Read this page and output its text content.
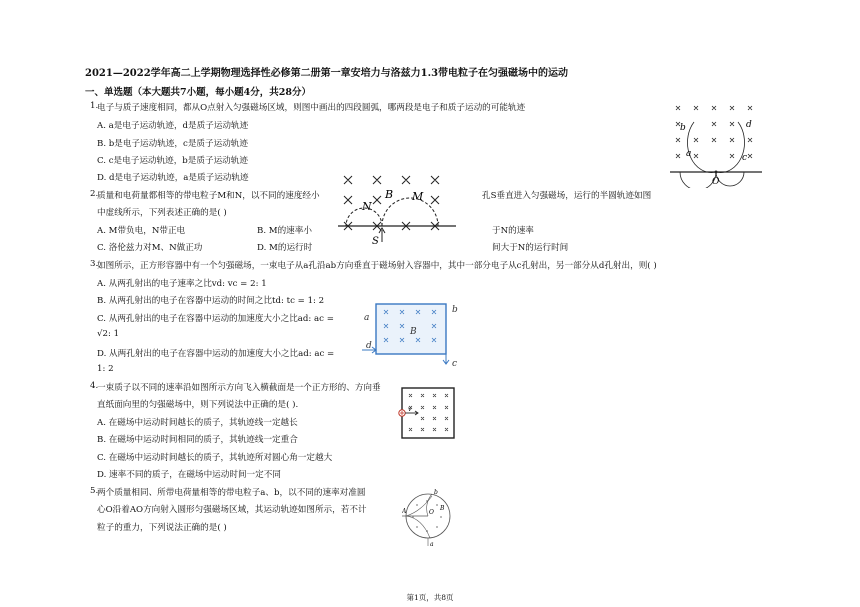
2021—2022学年高二上学期物理选择性必修第二册第一章安培力与洛兹力1.3带电粒子在匀强磁场中的运动
一、单选题（本大题共7小题，每小题4分，共28分）
1.
电子与质子速度相同，都从O点射入匀强磁场区域，则图中画出的四段圆弧，哪两段是电子和质子运动的可能轨迹
A. a是电子运动轨迹，d是质子运动轨迹
B. b是电子运动轨迹，c是质子运动轨迹
C. c是电子运动轨迹，b是质子运动轨迹
D. d是电子运动轨迹，a是质子运动轨迹
b
a
d
c
O
2.
质量和电荷量都相等的带电粒子M和N，以不同的速度经小	孔S垂直进入匀强磁场，运行的半圆轨迹如图
中虚线所示，下列表述正确的是( )
A. M带负电，N带正电	B. M的速率小	于N的速率
C. 洛伦兹力对M、N做正功	D. M的运行时	间大于N的运行时间
N
B M
S
3.
如图所示，正方形容器中有一个匀强磁场，一束电子从a孔沿ab方向垂直于磁场射入容器中，其中一部分电子从c孔射出，另一部分从d孔射出，则( )
A. 从两孔射出的电子速率之比vd: vc = 2: 1
B. 从两孔射出的电子在容器中运动的时间之比td: tc = 1: 2
C. 从两孔射出的电子在容器中运动的加速度大小之比ad: ac =
√2: 1
D. 从两孔射出的电子在容器中运动的加速度大小之比ad: ac =
1: 2
a
b
B
d
c
4.
一束质子以不同的速率沿如图所示方向飞入横截面是一个正方形的、方向垂
直纸面向里的匀强磁场中，则下列说法中正确的是( ).
A. 在磁场中运动时间越长的质子，其轨迹线一定越长
B. 在磁场中运动时间相同的质子，其轨迹线一定重合
C. 在磁场中运动时间越长的质子，其轨迹所对圆心角一定越大
D. 速率不同的质子，在磁场中运动时间一定不同
v
5.
两个质量相同、所带电荷量相等的带电粒子a、b，以不同的速率对准圆
心O沿着AO方向射入圆形匀强磁场区域，其运动轨迹如图所示，若不计
粒子的重力，下列说法正确的是( )
A	O
b
a
B
第1页，共8页
